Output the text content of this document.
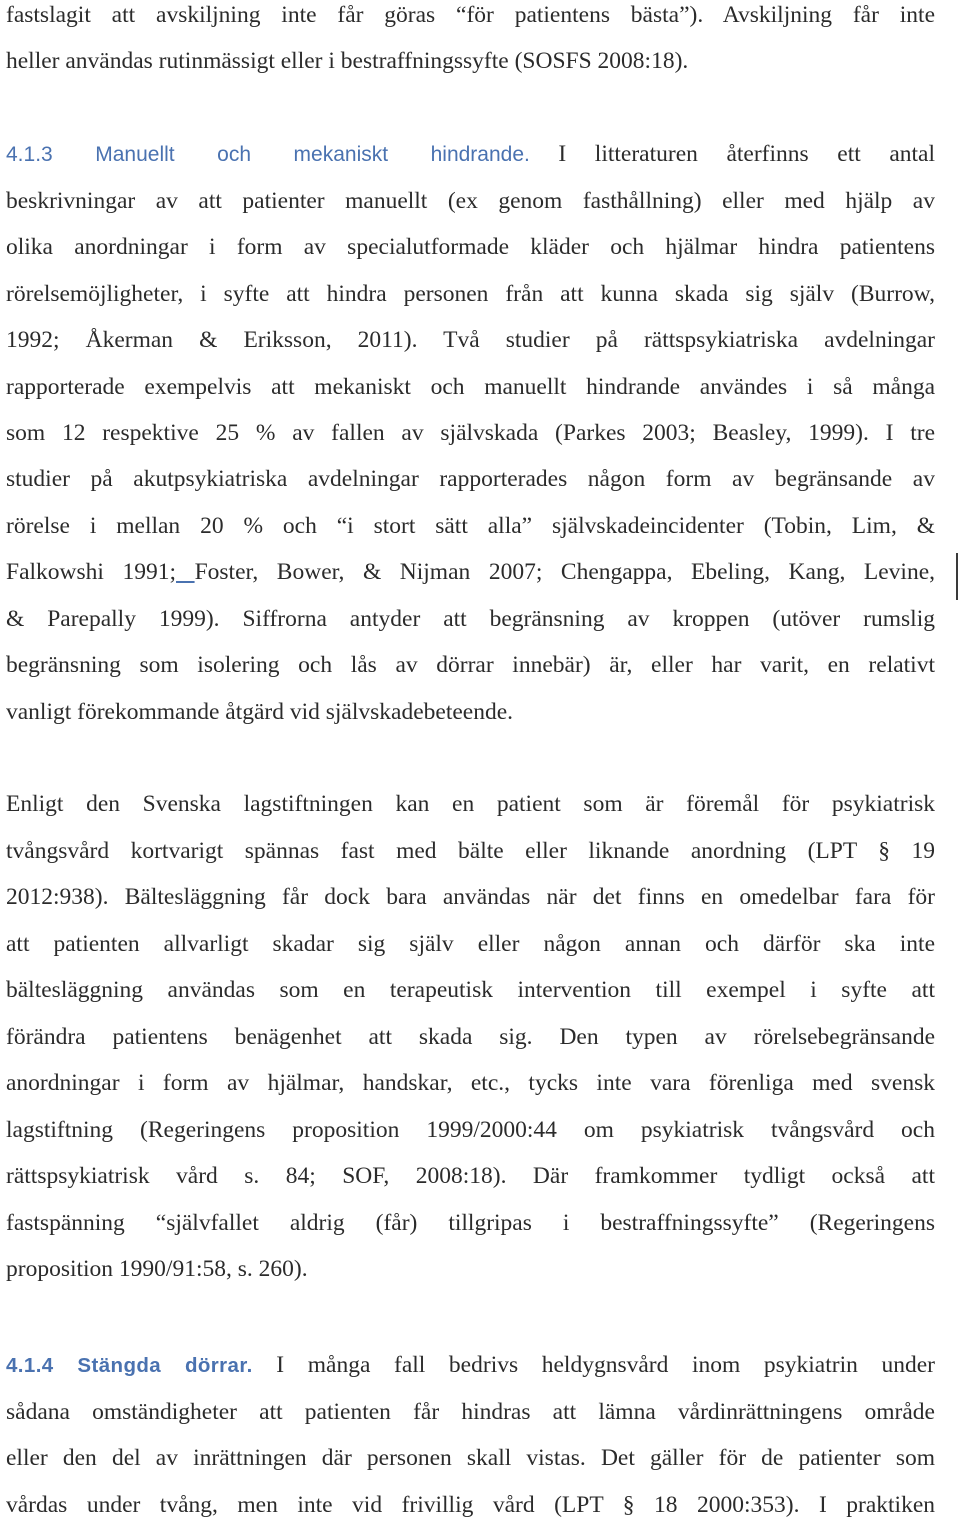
fastslagit att avskiljning inte får göras “för patientens bästa”). Avskiljning får inte
heller användas rutinmässigt eller i bestraffningssyfte (SOSFS 2008:18).
4.1.3 Manuellt och mekaniskt hindrande. I litteraturen återfinns ett antal
beskrivningar av att patienter manuellt (ex genom fasthållning) eller med hjälp av
olika anordningar i form av specialutformade kläder och hjälmar hindra patientens
rörelsemöjligheter, i syfte att hindra personen från att kunna skada sig själv (Burrow,
1992; Åkerman & Eriksson, 2011). Två studier på rättspsykiatriska avdelningar
rapporterade exempelvis att mekaniskt och manuellt hindrande användes i så många
som 12 respektive 25 % av fallen av självskada (Parkes 2003; Beasley, 1999). I tre
studier på akutpsykiatriska avdelningar rapporterades någon form av begränsande av
rörelse i mellan 20 % och “i stort sätt alla” självskadeincidenter (Tobin, Lim, &
Falkowshi 1991; Foster, Bower, & Nijman 2007; Chengappa, Ebeling, Kang, Levine,
& Parepally 1999). Siffrorna antyder att begränsning av kroppen (utöver rumslig
begränsning som isolering och lås av dörrar innebär) är, eller har varit, en relativt
vanligt förekommande åtgärd vid självskadebeteende.
Enligt den Svenska lagstiftningen kan en patient som är föremål för psykiatrisk
tvångsvård kortvarigt spännas fast med bälte eller liknande anordning (LPT § 19
2012:938). Bältesläggning får dock bara användas när det finns en omedelbar fara för
att patienten allvarligt skadar sig själv eller någon annan och därför ska inte
bältesläggning användas som en terapeutisk intervention till exempel i syfte att
förändra patientens benägenhet att skada sig. Den typen av rörelsebegränsande
anordningar i form av hjälmar, handskar, etc., tycks inte vara förenliga med svensk
lagstiftning (Regeringens proposition 1999/2000:44 om psykiatrisk tvångsvård och
rättspsykiatrisk vård s. 84; SOF, 2008:18). Där framkommer tydligt också att
fastspänning “självfallet aldrig (får) tillgripas i bestraffningssyfte” (Regeringens
proposition 1990/91:58, s. 260).
4.1.4 Stängda dörrar. I många fall bedrivs heldygnsvård inom psykiatrin under
sådana omständigheter att patienten får hindras att lämna vårdinrättningens område
eller den del av inrättningen där personen skall vistas. Det gäller för de patienter som
vårdas under tvång, men inte vid frivillig vård (LPT § 18 2000:353). I praktiken
